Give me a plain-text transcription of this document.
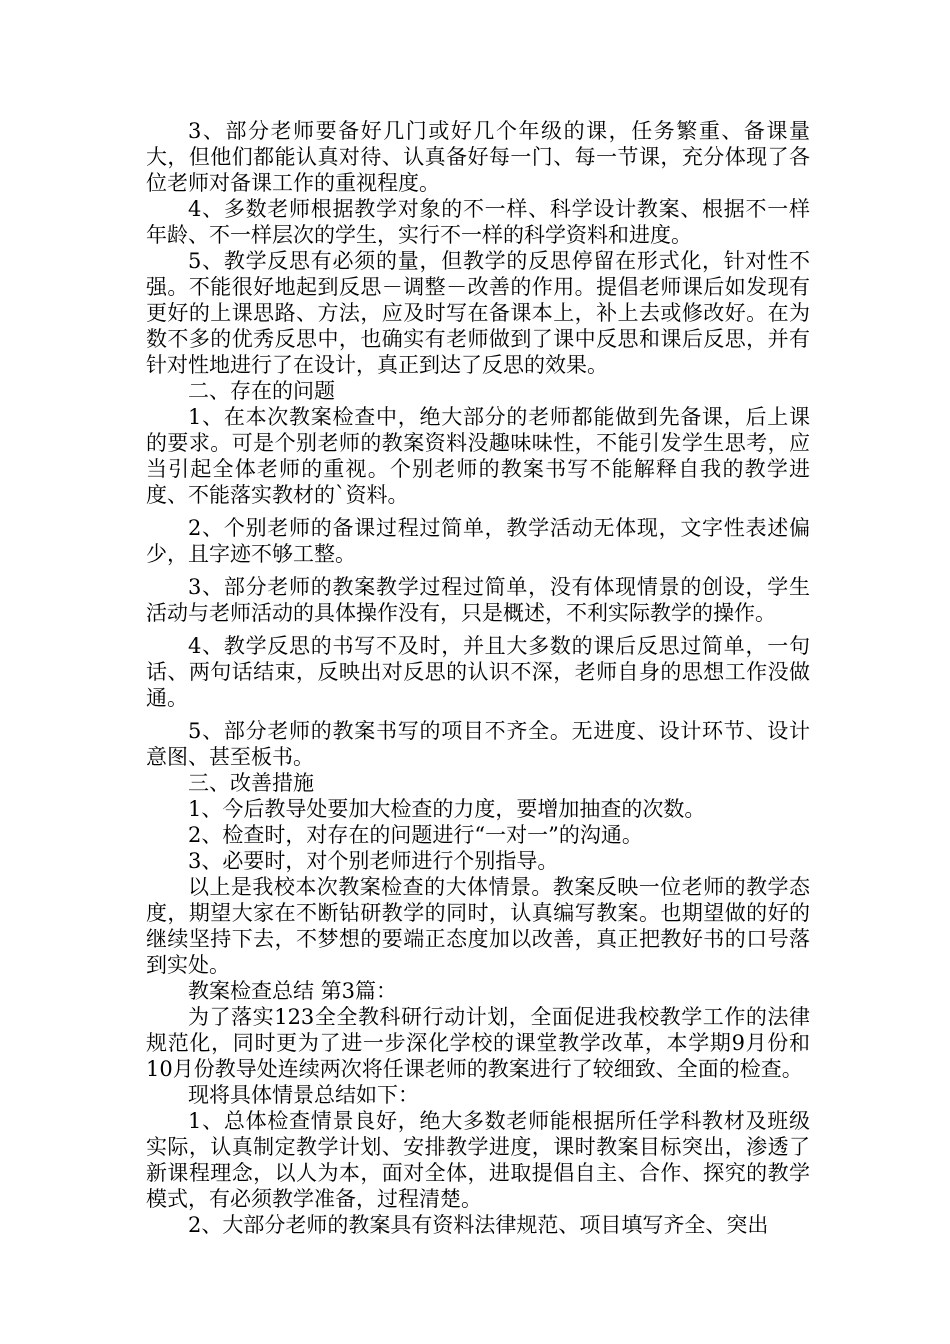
3、部分老师要备好几门或好几个年级的课，任务繁重、备课量大，但他们都能认真对待、认真备好每一门、每一节课，充分体现了各位老师对备课工作的重视程度。

4、多数老师根据教学对象的不一样、科学设计教案、根据不一样年龄、不一样层次的学生，实行不一样的科学资料和进度。

5、教学反思有必须的量，但教学的反思停留在形式化，针对性不强。不能很好地起到反思－调整－改善的作用。提倡老师课后如发现有更好的上课思路、方法，应及时写在备课本上，补上去或修改好。在为数不多的优秀反思中，也确实有老师做到了课中反思和课后反思，并有针对性地进行了在设计，真正到达了反思的效果。

二、存在的问题

1、在本次教案检查中，绝大部分的老师都能做到先备课，后上课的要求。可是个别老师的教案资料没趣味味性，不能引发学生思考，应当引起全体老师的重视。个别老师的教案书写不能解释自我的教学进度、不能落实教材的`资料。

2、个别老师的备课过程过简单，教学活动无体现，文字性表述偏少，且字迹不够工整。

3、部分老师的教案教学过程过简单，没有体现情景的创设，学生活动与老师活动的具体操作没有，只是概述，不利实际教学的操作。

4、教学反思的书写不及时，并且大多数的课后反思过简单，一句话、两句话结束，反映出对反思的认识不深，老师自身的思想工作没做通。

5、部分老师的教案书写的项目不齐全。无进度、设计环节、设计意图、甚至板书。

三、改善措施

1、今后教导处要加大检查的力度，要增加抽查的次数。

2、检查时，对存在的问题进行“一对一”的沟通。

3、必要时，对个别老师进行个别指导。

以上是我校本次教案检查的大体情景。教案反映一位老师的教学态度，期望大家在不断钻研教学的同时，认真编写教案。也期望做的好的继续坚持下去，不梦想的要端正态度加以改善，真正把教好书的口号落到实处。

教案检查总结 第3篇：

为了落实123全全教科研行动计划，全面促进我校教学工作的法律规范化，同时更为了进一步深化学校的课堂教学改革，本学期9月份和10月份教导处连续两次将任课老师的教案进行了较细致、全面的检查。

现将具体情景总结如下：

1、总体检查情景良好，绝大多数老师能根据所任学科教材及班级实际，认真制定教学计划、安排教学进度，课时教案目标突出，渗透了新课程理念，以人为本，面对全体，进取提倡自主、合作、探究的教学模式，有必须教学准备，过程清楚。

2、大部分老师的教案具有资料法律规范、项目填写齐全、突出
